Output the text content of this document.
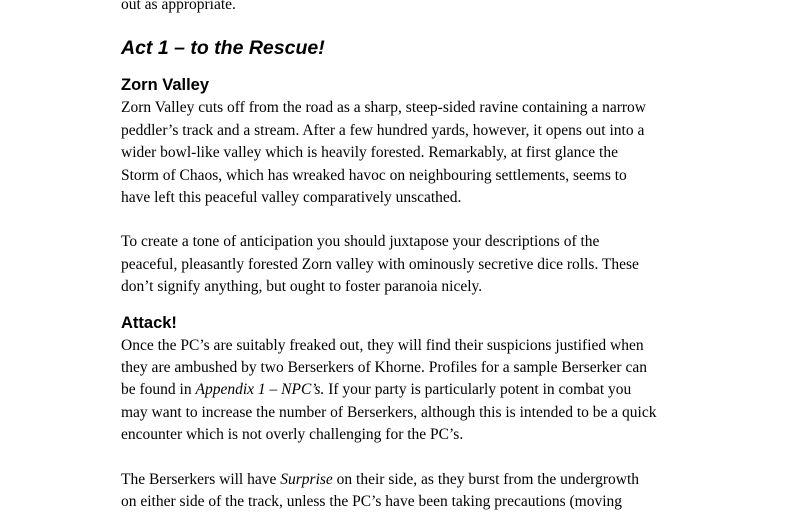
out as appropriate.

Act 1 – to the Rescue!
Zorn Valley

Zorn Valley cuts off from the road as a sharp, steep-sided ravine containing a narrow
peddler’s track and a stream. After a few hundred yards, however, it opens out into a
wider bowl-like valley which is heavily forested. Remarkably, at first glance the
Storm of Chaos, which has wreaked havoc on neighbouring settlements, seems to
have left this peaceful valley comparatively unscathed.

To create a tone of anticipation you should juxtapose your descriptions of the
peaceful, pleasantly forested Zorn valley with ominously secretive dice rolls. These
don’t signify anything, but ought to foster paranoia nicely.

Attack!

Once the PC’s are suitably freaked out, they will find their suspicions justified when
they are ambushed by two Berserkers of Khorne. Profiles for a sample Berserker can
be found in Appendix 1 – NPC’s. If your party is particularly potent in combat you
may want to increase the number of Berserkers, although this is intended to be a quick
encounter which is not overly challenging for the PC’s.

The Berserkers will have Surprise on their side, as they burst from the undergrowth
on either side of the track, unless the PC’s have been taking precautions (moving
